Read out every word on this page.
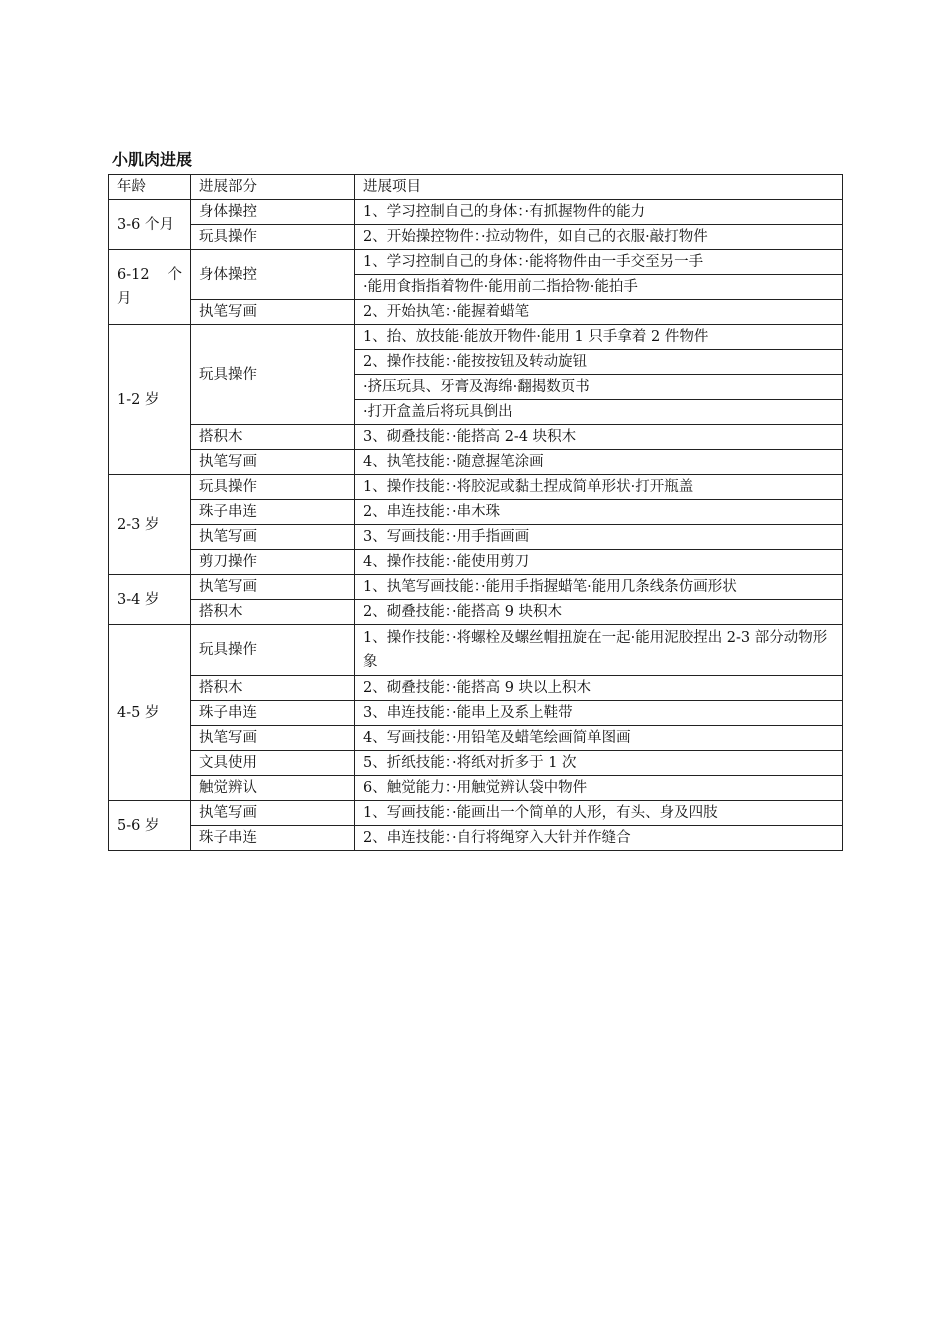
小肌肉进展
年龄	进展部分	进展项目
3-6 个月	身体操控	1、学习控制自己的身体：·有抓握物件的能力
	玩具操作	2、开始操控物件：·拉动物件，如自己的衣服·敲打物件
6-12　个月	身体操控	1、学习控制自己的身体：·能将物件由一手交至另一手
		·能用食指指着物件·能用前二指拾物·能拍手
	执笔写画	2、开始执笔：·能握着蜡笔
1-2 岁	玩具操作	1、抬、放技能·能放开物件·能用 1 只手拿着 2 件物件
		2、操作技能：·能按按钮及转动旋钮
		·挤压玩具、牙膏及海绵·翻揭数页书
		·打开盒盖后将玩具倒出
	搭积木	3、砌叠技能：·能搭高 2-4 块积木
	执笔写画	4、执笔技能：·随意握笔涂画
2-3 岁	玩具操作	1、操作技能：·将胶泥或黏土捏成简单形状·打开瓶盖
	珠子串连	2、串连技能：·串木珠
	执笔写画	3、写画技能：·用手指画画
	剪刀操作	4、操作技能：·能使用剪刀
3-4 岁	执笔写画	1、执笔写画技能：·能用手指握蜡笔·能用几条线条仿画形状
	搭积木	2、砌叠技能：·能搭高 9 块积木
4-5 岁	玩具操作	1、操作技能：·将螺栓及螺丝帽扭旋在一起·能用泥胶捏出 2-3 部分动物形象
	搭积木	2、砌叠技能：·能搭高 9 块以上积木
	珠子串连	3、串连技能：·能串上及系上鞋带
	执笔写画	4、写画技能：·用铅笔及蜡笔绘画简单图画
	文具使用	5、折纸技能：·将纸对折多于 1 次
	触觉辨认	6、触觉能力：·用触觉辨认袋中物件
5-6 岁	执笔写画	1、写画技能：·能画出一个简单的人形，有头、身及四肢
	珠子串连	2、串连技能：·自行将绳穿入大针并作缝合
